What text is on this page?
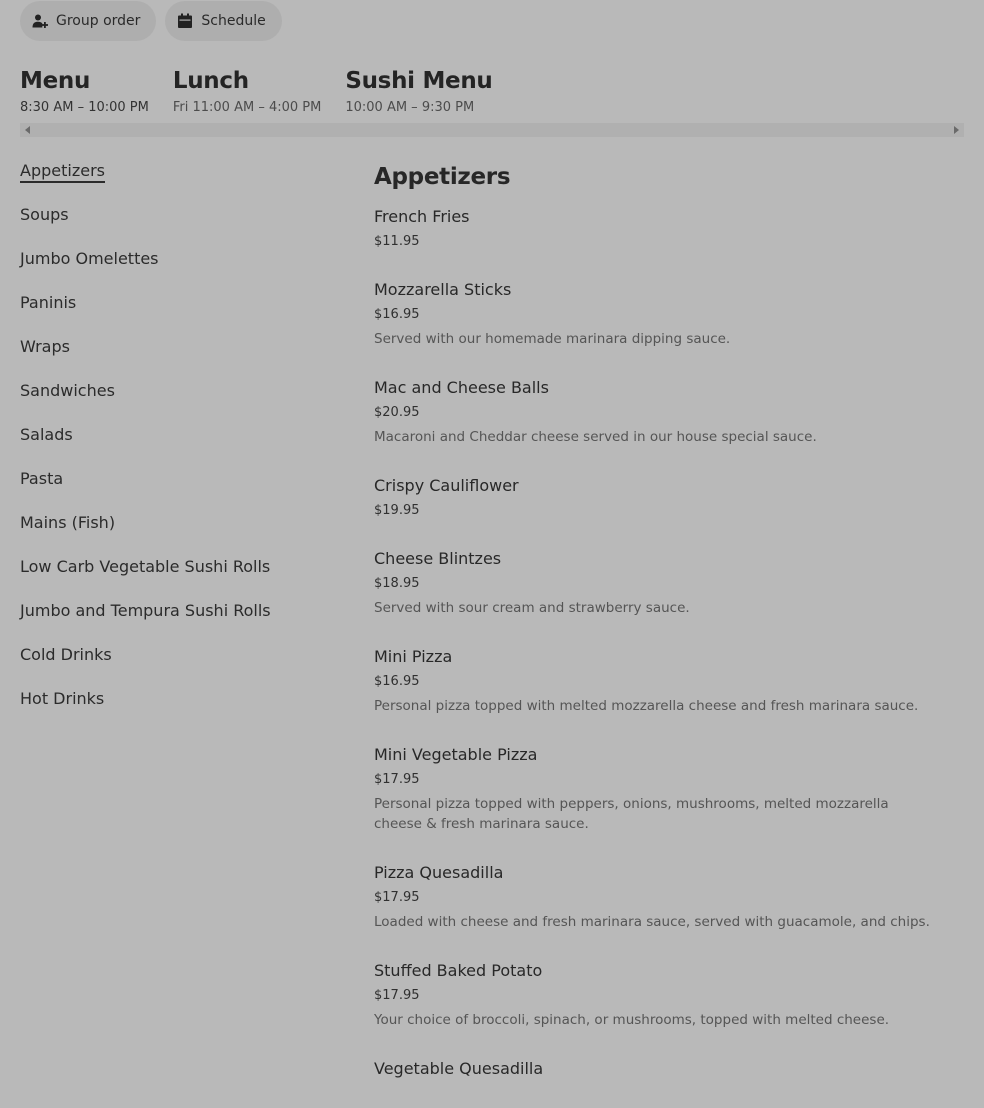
Group order	Schedule
Menu
8:30 AM – 10:00 PM
Lunch
Fri 11:00 AM – 4:00 PM
Sushi Menu
10:00 AM – 9:30 PM
Appetizers
Soups
Jumbo Omelettes
Paninis
Wraps
Sandwiches
Salads
Pasta
Mains (Fish)
Low Carb Vegetable Sushi Rolls
Jumbo and Tempura Sushi Rolls
Cold Drinks
Hot Drinks
Appetizers
French Fries
$11.95
Mozzarella Sticks
$16.95
Served with our homemade marinara dipping sauce.
Mac and Cheese Balls
$20.95
Macaroni and Cheddar cheese served in our house special sauce.
Crispy Cauliflower
$19.95
Cheese Blintzes
$18.95
Served with sour cream and strawberry sauce.
Mini Pizza
$16.95
Personal pizza topped with melted mozzarella cheese and fresh marinara sauce.
Mini Vegetable Pizza
$17.95
Personal pizza topped with peppers, onions, mushrooms, melted mozzarella cheese & fresh marinara sauce.
Pizza Quesadilla
$17.95
Loaded with cheese and fresh marinara sauce, served with guacamole, and chips.
Stuffed Baked Potato
$17.95
Your choice of broccoli, spinach, or mushrooms, topped with melted cheese.
Vegetable Quesadilla
